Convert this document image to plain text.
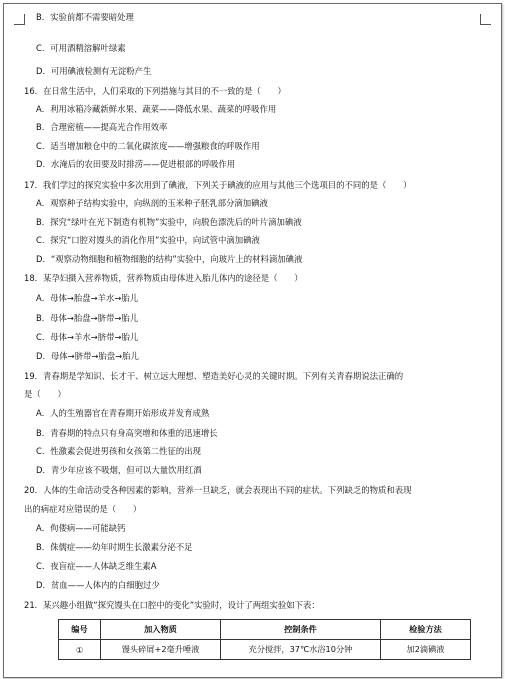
B．实验前都不需要暗处理
C．可用酒精溶解叶绿素
D．可用碘液检测有无淀粉产生
16．在日常生活中，人们采取的下列措施与其目的不一致的是（　　）
A．利用冰箱冷藏新鲜水果、蔬菜——降低水果、蔬菜的呼吸作用
B．合理密植——提高光合作用效率
C．适当增加粮仓中的二氧化碳浓度——增强粮食的呼吸作用
D．水淹后的农田要及时排涝——促进根部的呼吸作用
17．我们学过的探究实验中多次用到了碘液，下列关于碘液的应用与其他三个选项目的不同的是（　　）
A．观察种子结构实验中，向纵剖的玉米种子胚乳部分滴加碘液
B．探究“绿叶在光下制造有机物”实验中，向脱色漂洗后的叶片滴加碘液
C．探究“口腔对馒头的消化作用”实验中，向试管中滴加碘液
D．“观察动物细胞和植物细胞的结构”实验中，向玻片上的材料滴加碘液
18．某孕妇摄入营养物质，营养物质由母体进入胎儿体内的途径是（　　）
A．母体→胎盘→羊水→胎儿
B．母体→胎盘→脐带→胎儿
C．母体→羊水→脐带→胎儿
D．母体→脐带→胎盘→胎儿
19．青春期是学知识、长才干、树立远大理想、塑造美好心灵的关键时期。下列有关青春期说法正确的
是（　　）
A．人的生殖器官在青春期开始形成并发育成熟
B．青春期的特点只有身高突增和体重的迅速增长
C．性激素会促进男孩和女孩第二性征的出现
D．青少年应该不吸烟，但可以大量饮用红酒
20．人体的生命活动受各种因素的影响，营养一旦缺乏，就会表现出不同的症状。下列缺乏的物质和表现
出的病症对应错误的是（　　）
A．佝偻病——可能缺钙
B．侏儒症——幼年时期生长激素分泌不足
C．夜盲症——人体缺乏维生素A
D．贫血——人体内的白细胞过少
21．某兴趣小组做“探究馒头在口腔中的变化”实验时，设计了两组实验如下表：
编号	加入物质	控制条件	检验方法
①	馒头碎屑+2毫升唾液	充分搅拌，37℃水浴10分钟	加2滴碘液
